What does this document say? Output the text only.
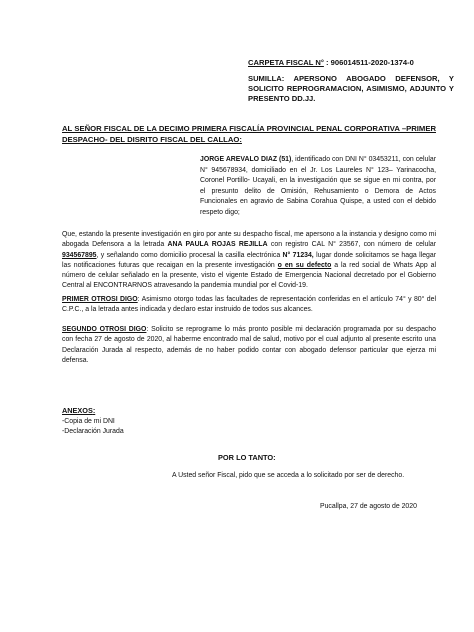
CARPETA FISCAL N° : 906014511-2020-1374-0
SUMILLA: APERSONO ABOGADO DEFENSOR, Y SOLICITO REPROGRAMACION, ASIMISMO, ADJUNTO Y PRESENTO DD.JJ.
AL SEÑOR FISCAL DE LA DECIMO PRIMERA FISCALÍA PROVINCIAL PENAL CORPORATIVA –PRIMER DESPACHO- DEL DISRITO FISCAL DEL CALLAO:
JORGE AREVALO DIAZ (51), identificado con DNI N° 03453211, con celular N° 945678934, domiciliado en el Jr. Los Laureles N° 123– Yarinacocha, Coronel Portillo- Ucayali, en la investigación que se sigue en mi contra, por el presunto delito de Omisión, Rehusamiento o Demora de Actos Funcionales en agravio de Sabina Corahua Quispe, a usted con el debido respeto digo;

Que, estando la presente investigación en giro por ante su despacho fiscal, me apersono a la instancia y designo como mi abogada Defensora a la letrada ANA PAULA ROJAS REJILLA con registro CAL N° 23567, con número de celular 934567895, y señalando como domicilio procesal la casilla electrónica N° 71234, lugar donde solicitamos se haga llegar las notificaciones futuras que recaigan en la presente investigación o en su defecto a la red social de Whats App al número de celular señalado en la presente, visto el vigente Estado de Emergencia Nacional decretado por el Gobierno Central al ENCONTRARNOS atravesando la pandemia mundial por el Covid-19.

PRIMER OTROSI DIGO: Asimismo otorgo todas las facultades de representación conferidas en el artículo 74° y 80° del C.P.C., a la letrada antes indicada y declaro estar instruido de todos sus alcances.

SEGUNDO OTROSI DIGO: Solicito se reprograme lo más pronto posible mi declaración programada por su despacho con fecha 27 de agosto de 2020, al haberme encontrado mal de salud, motivo por el cual adjunto al presente escrito una Declaración Jurada al respecto, además de no haber podido contar con abogado defensor particular que ejerza mi defensa.

ANEXOS:
-Copia de mi DNI
-Declaración Jurada
POR LO TANTO:
A Usted señor Fiscal, pido que se acceda a lo solicitado por ser de derecho.
Pucallpa, 27 de agosto de 2020
